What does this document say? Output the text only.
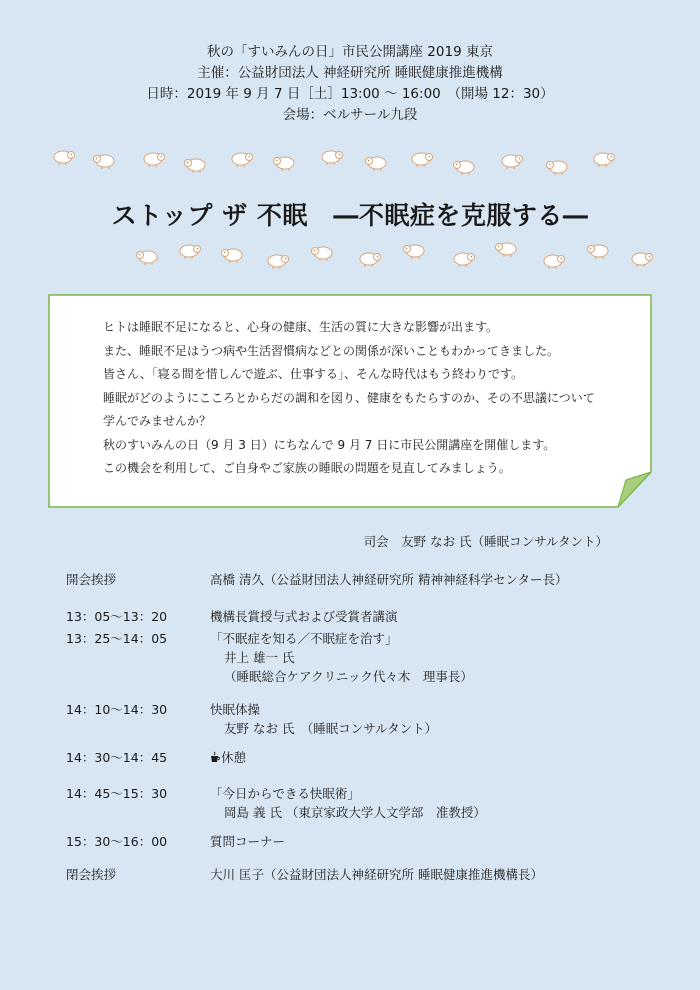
秋の「すいみんの日」市民公開講座 2019 東京
主催：公益財団法人 神経研究所 睡眠健康推進機構
日時：2019 年 9 月 7 日［土］13:00 ～ 16:00　（開場 12：30）
会場：ベルサール九段
ストップ ザ 不眠　―不眠症を克服する―
ヒトは睡眠不足になると、心身の健康、生活の質に大きな影響が出ます。
また、睡眠不足はうつ病や生活習慣病などとの関係が深いこともわかってきました。
皆さん、「寝る間を惜しんで遊ぶ、仕事する」、そんな時代はもう終わりです。
睡眠がどのようにこころとからだの調和を図り、健康をもたらすのか、その不思議について
学んでみませんか？
秋のすいみんの日（9 月 3 日）にちなんで 9 月 7 日に市民公開講座を開催します。
この機会を利用して、ご自身やご家族の睡眠の問題を見直してみましょう。
司会　友野 なお 氏（睡眠コンサルタント）
開会挨拶	高橋 清久（公益財団法人神経研究所 精神神経科学センター長）
13：05～13：20	機構長賞授与式および受賞者講演
13：25～14：05	「不眠症を知る／不眠症を治す」
井上 雄一 氏
（睡眠総合ケアクリニック代々木　理事長）
14：10～14：30	快眠体操
友野 なお 氏　（睡眠コンサルタント）
14：30～14：45	休憩
14：45～15：30	「今日からできる快眠術」
岡島 義 氏 （東京家政大学人文学部　准教授）
15：30～16：00	質問コーナー
閉会挨拶	大川 匡子（公益財団法人神経研究所 睡眠健康推進機構長）
